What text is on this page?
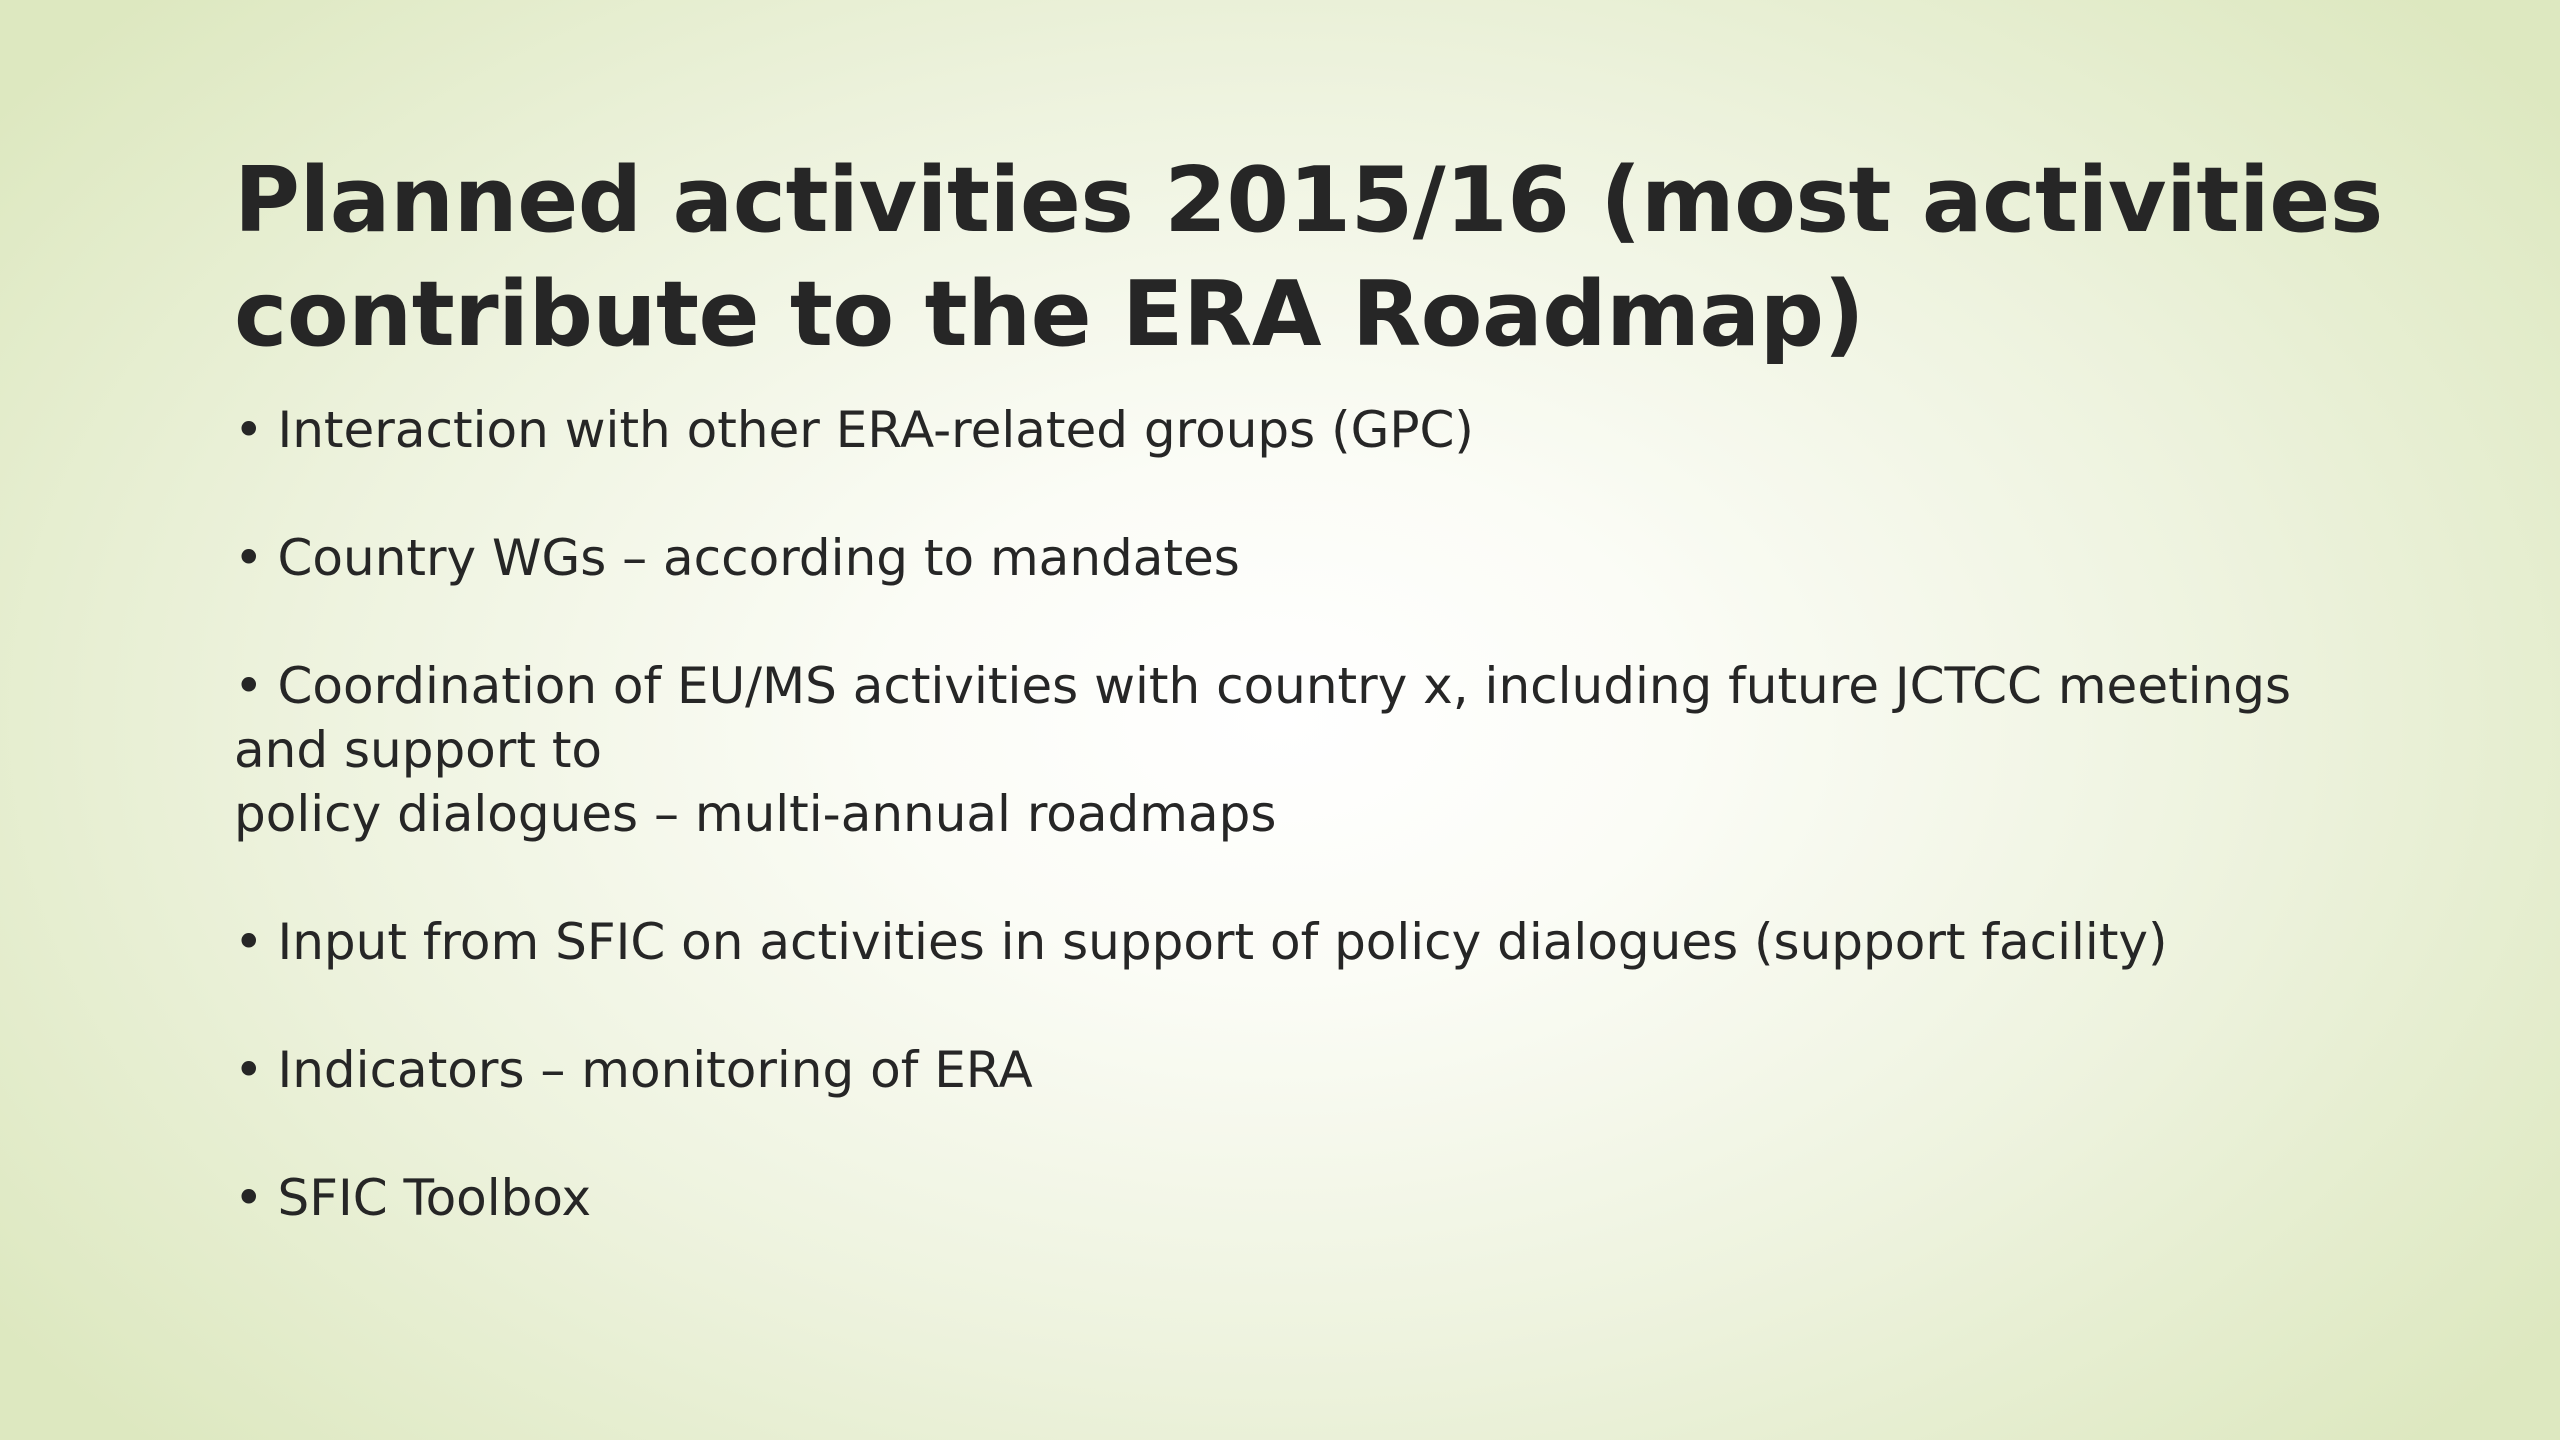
Planned activities 2015/16 (most activities
contribute to the ERA Roadmap)
• Interaction with other ERA-related groups (GPC)
• Country WGs – according to mandates
• Coordination of EU/MS activities with country x, including future JCTCC meetings
and support to
policy dialogues – multi-annual roadmaps
• Input from SFIC on activities in support of policy dialogues (support facility)
• Indicators – monitoring of ERA
• SFIC Toolbox
